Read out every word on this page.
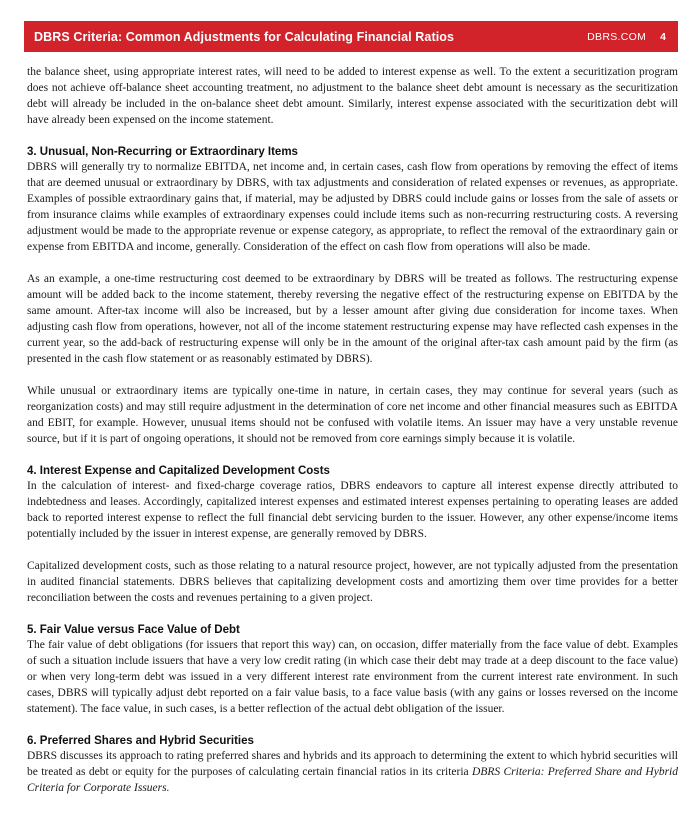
DBRS Criteria: Common Adjustments for Calculating Financial Ratios	DBRS.COM 4

the balance sheet, using appropriate interest rates, will need to be added to interest expense as well. To the extent a securitization program does not achieve off-balance sheet accounting treatment, no adjustment to the balance sheet debt amount is necessary as the securitization debt will already be included in the on-balance sheet debt amount. Similarly, interest expense associated with the securitization debt will have already been expensed on the income statement.

3. Unusual, Non-Recurring or Extraordinary Items

DBRS will generally try to normalize EBITDA, net income and, in certain cases, cash flow from operations by removing the effect of items that are deemed unusual or extraordinary by DBRS, with tax adjustments and consideration of related expenses or revenues, as appropriate. Examples of possible extraordinary gains that, if material, may be adjusted by DBRS could include gains or losses from the sale of assets or from insurance claims while examples of extraordinary expenses could include items such as non-recurring restructuring costs. A reversing adjustment would be made to the appropriate revenue or expense category, as appropriate, to reflect the removal of the extraordinary gain or expense from EBITDA and income, generally. Consideration of the effect on cash flow from operations will also be made.

As an example, a one-time restructuring cost deemed to be extraordinary by DBRS will be treated as follows. The restructuring expense amount will be added back to the income statement, thereby reversing the negative effect of the restructuring expense on EBITDA by the same amount. After-tax income will also be increased, but by a lesser amount after giving due consideration for income taxes. When adjusting cash flow from operations, however, not all of the income statement restructuring expense may have reflected cash expenses in the current year, so the add-back of restructuring expense will only be in the amount of the original after-tax cash amount paid by the firm (as presented in the cash flow statement or as reasonably estimated by DBRS).

While unusual or extraordinary items are typically one-time in nature, in certain cases, they may continue for several years (such as reorganization costs) and may still require adjustment in the determination of core net income and other financial measures such as EBITDA and EBIT, for example. However, unusual items should not be confused with volatile items. An issuer may have a very unstable revenue source, but if it is part of ongoing operations, it should not be removed from core earnings simply because it is volatile.

4. Interest Expense and Capitalized Development Costs

In the calculation of interest- and fixed-charge coverage ratios, DBRS endeavors to capture all interest expense directly attributed to indebtedness and leases. Accordingly, capitalized interest expenses and estimated interest expenses pertaining to operating leases are added back to reported interest expense to reflect the full financial debt servicing burden to the issuer. However, any other expense/income items potentially included by the issuer in interest expense, are generally removed by DBRS.

Capitalized development costs, such as those relating to a natural resource project, however, are not typically adjusted from the presentation in audited financial statements. DBRS believes that capitalizing development costs and amortizing them over time provides for a better reconciliation between the costs and revenues pertaining to a given project.

5. Fair Value versus Face Value of Debt

The fair value of debt obligations (for issuers that report this way) can, on occasion, differ materially from the face value of debt. Examples of such a situation include issuers that have a very low credit rating (in which case their debt may trade at a deep discount to the face value) or when very long-term debt was issued in a very different interest rate environment from the current interest rate environment. In such cases, DBRS will typically adjust debt reported on a fair value basis, to a face value basis (with any gains or losses reversed on the income statement). The face value, in such cases, is a better reflection of the actual debt obligation of the issuer.

6. Preferred Shares and Hybrid Securities

DBRS discusses its approach to rating preferred shares and hybrids and its approach to determining the extent to which hybrid securities will be treated as debt or equity for the purposes of calculating certain financial ratios in its criteria DBRS Criteria: Preferred Share and Hybrid Criteria for Corporate Issuers.
